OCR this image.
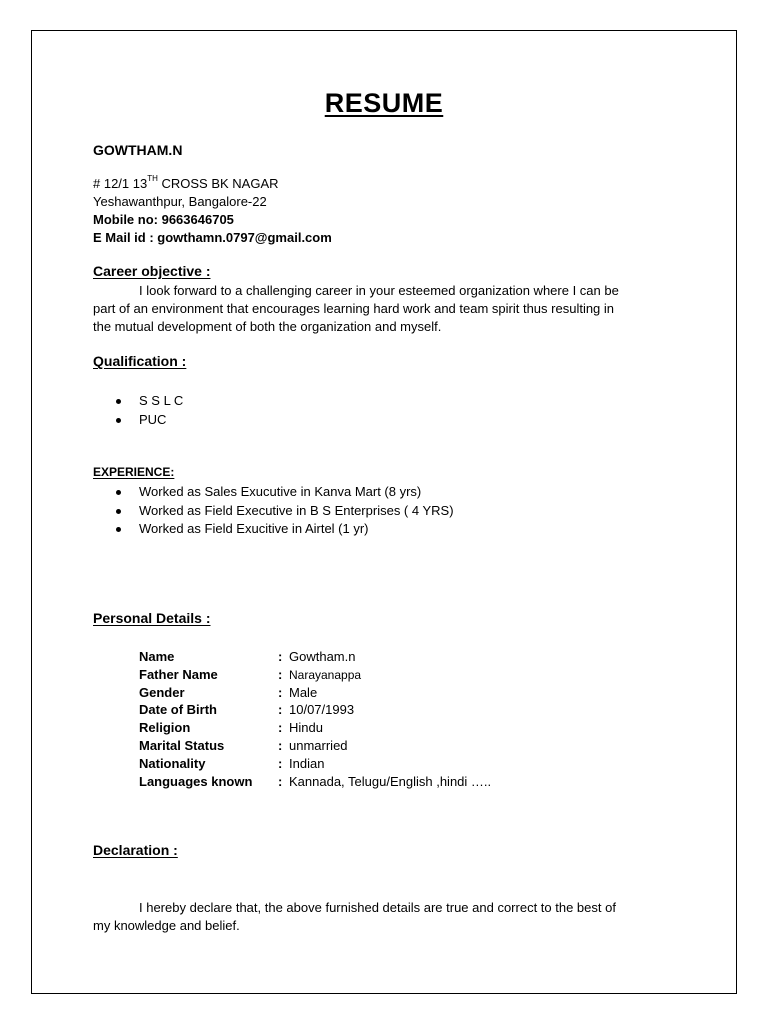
RESUME
GOWTHAM.N
# 12/1 13TH CROSS BK NAGAR
Yeshawanthpur, Bangalore-22
Mobile no: 9663646705
E Mail id : gowthamn.0797@gmail.com
Career objective :
I look forward to a challenging career in your esteemed organization where I can be
part of an environment that encourages learning hard work and team spirit thus resulting in
the mutual development of both the organization and myself.
Qualification :
S S L C
PUC
EXPERIENCE:
Worked as Sales Exucutive in Kanva Mart (8 yrs)
Worked as Field Executive in B S Enterprises ( 4 YRS)
Worked as Field Exucitive in Airtel (1 yr)
Personal Details :
Name	: Gowtham.n
Father Name	: Narayanappa
Gender	: Male
Date of Birth	: 10/07/1993
Religion	: Hindu
Marital Status	: unmarried
Nationality	: Indian
Languages known : Kannada, Telugu/English ,hindi …..
Declaration :
I hereby declare that, the above furnished details are true and correct to the best of
my knowledge and belief.
